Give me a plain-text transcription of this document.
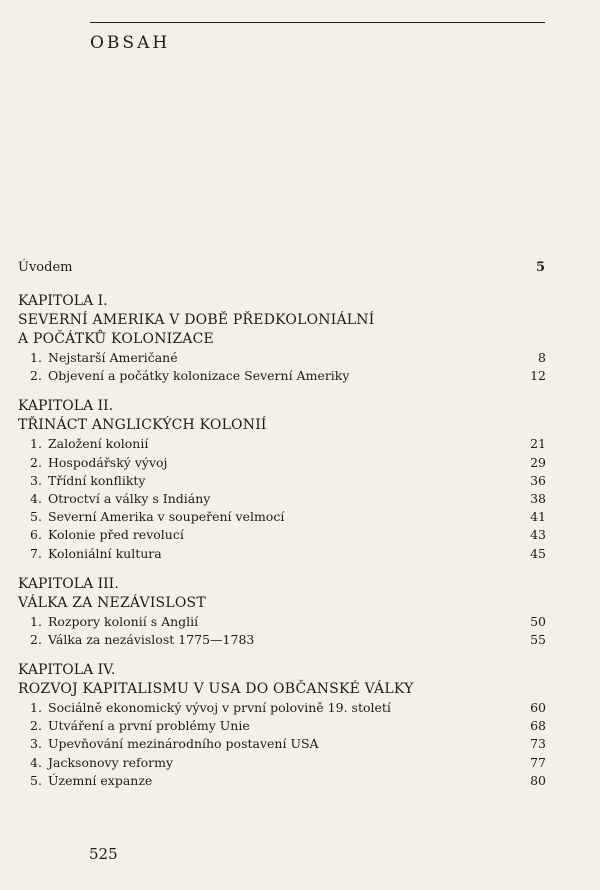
OBSAH
Úvodem	5
KAPITOLA I.
SEVERNÍ AMERIKA V DOBĚ PŘEDKOLONIÁLNÍ
A POČÁTKŮ KOLONIZACE
1. Nejstarší Američané	8
2. Objevení a počátky kolonizace Severní Ameriky	12
KAPITOLA II.
TŘINÁCT ANGLICKÝCH KOLONIÍ
1. Založení kolonií	21
2. Hospodářský vývoj	29
3. Třídní konflikty	36
4. Otroctví a války s Indiány	38
5. Severní Amerika v soupeření velmocí	41
6. Kolonie před revolucí	43
7. Koloniální kultura	45
KAPITOLA III.
VÁLKA ZA NEZÁVISLOST
1. Rozpory kolonií s Anglií	50
2. Válka za nezávislost 1775—1783	55
KAPITOLA IV.
ROZVOJ KAPITALISMU V USA DO OBČANSKÉ VÁLKY
1. Sociálně ekonomický vývoj v první polovině 19. století	60
2. Utváření a první problémy Unie	68
3. Upevňování mezinárodního postavení USA	73
4. Jacksonovy reformy	77
5. Územní expanze	80
525
